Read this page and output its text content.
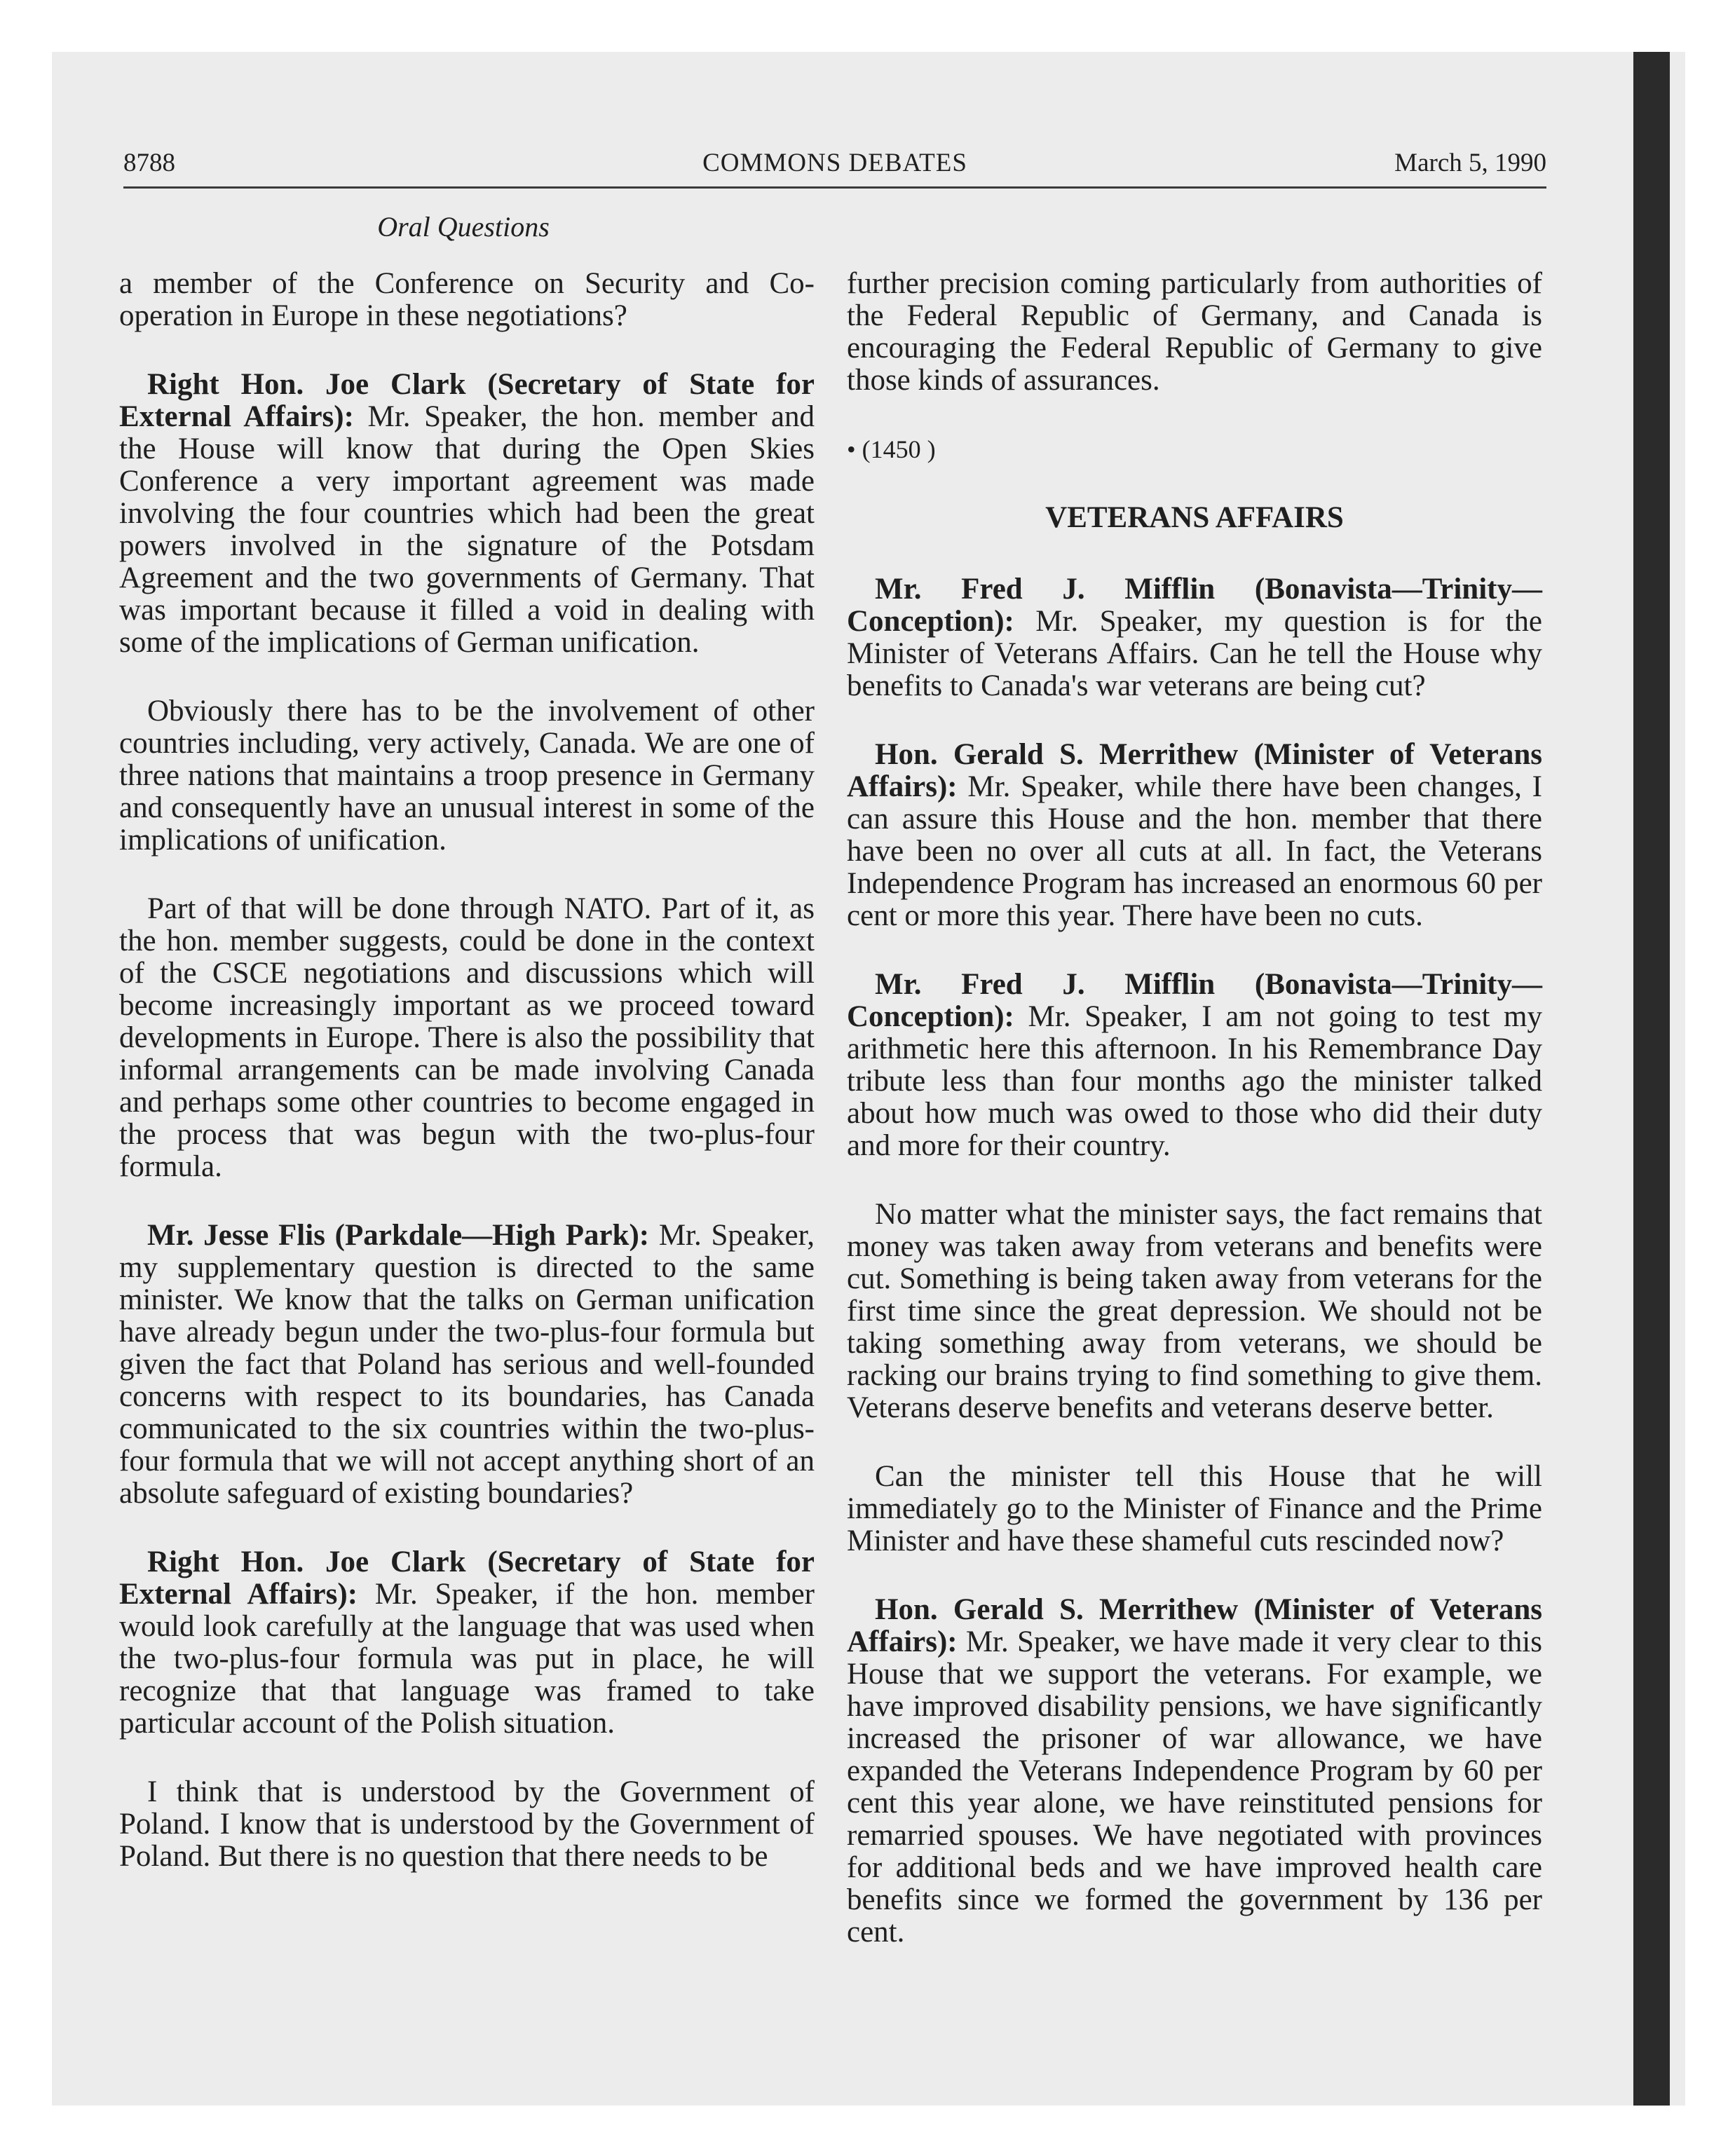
8788	COMMONS DEBATES	March 5, 1990
Oral Questions

a member of the Conference on Security and Co-operation in Europe in these negotiations?

Right Hon. Joe Clark (Secretary of State for External Affairs): Mr. Speaker, the hon. member and the House will know that during the Open Skies Conference a very important agreement was made involving the four countries which had been the great powers involved in the signature of the Potsdam Agreement and the two governments of Germany. That was important because it filled a void in dealing with some of the implications of German unification.

Obviously there has to be the involvement of other countries including, very actively, Canada. We are one of three nations that maintains a troop presence in Germany and consequently have an unusual interest in some of the implications of unification.

Part of that will be done through NATO. Part of it, as the hon. member suggests, could be done in the context of the CSCE negotiations and discussions which will become increasingly important as we proceed toward developments in Europe. There is also the possibility that informal arrangements can be made involving Canada and perhaps some other countries to become engaged in the process that was begun with the two-plus-four formula.

Mr. Jesse Flis (Parkdale—High Park): Mr. Speaker, my supplementary question is directed to the same minister. We know that the talks on German unification have already begun under the two-plus-four formula but given the fact that Poland has serious and well-founded concerns with respect to its boundaries, has Canada communicated to the six countries within the two-plus-four formula that we will not accept anything short of an absolute safeguard of existing boundaries?

Right Hon. Joe Clark (Secretary of State for External Affairs): Mr. Speaker, if the hon. member would look carefully at the language that was used when the two-plus-four formula was put in place, he will recognize that that language was framed to take particular account of the Polish situation.

I think that is understood by the Government of Poland. I know that is understood by the Government of Poland. But there is no question that there needs to be

further precision coming particularly from authorities of the Federal Republic of Germany, and Canada is encouraging the Federal Republic of Germany to give those kinds of assurances.

• (1450 )

VETERANS AFFAIRS

Mr. Fred J. Mifflin (Bonavista—Trinity—Conception): Mr. Speaker, my question is for the Minister of Veterans Affairs. Can he tell the House why benefits to Canada's war veterans are being cut?

Hon. Gerald S. Merrithew (Minister of Veterans Affairs): Mr. Speaker, while there have been changes, I can assure this House and the hon. member that there have been no over all cuts at all. In fact, the Veterans Independence Program has increased an enormous 60 per cent or more this year. There have been no cuts.

Mr. Fred J. Mifflin (Bonavista—Trinity—Conception): Mr. Speaker, I am not going to test my arithmetic here this afternoon. In his Remembrance Day tribute less than four months ago the minister talked about how much was owed to those who did their duty and more for their country.

No matter what the minister says, the fact remains that money was taken away from veterans and benefits were cut. Something is being taken away from veterans for the first time since the great depression. We should not be taking something away from veterans, we should be racking our brains trying to find something to give them. Veterans deserve benefits and veterans deserve better.

Can the minister tell this House that he will immediately go to the Minister of Finance and the Prime Minister and have these shameful cuts rescinded now?

Hon. Gerald S. Merrithew (Minister of Veterans Affairs): Mr. Speaker, we have made it very clear to this House that we support the veterans. For example, we have improved disability pensions, we have significantly increased the prisoner of war allowance, we have expanded the Veterans Independence Program by 60 per cent this year alone, we have reinstituted pensions for remarried spouses. We have negotiated with provinces for additional beds and we have improved health care benefits since we formed the government by 136 per cent.
